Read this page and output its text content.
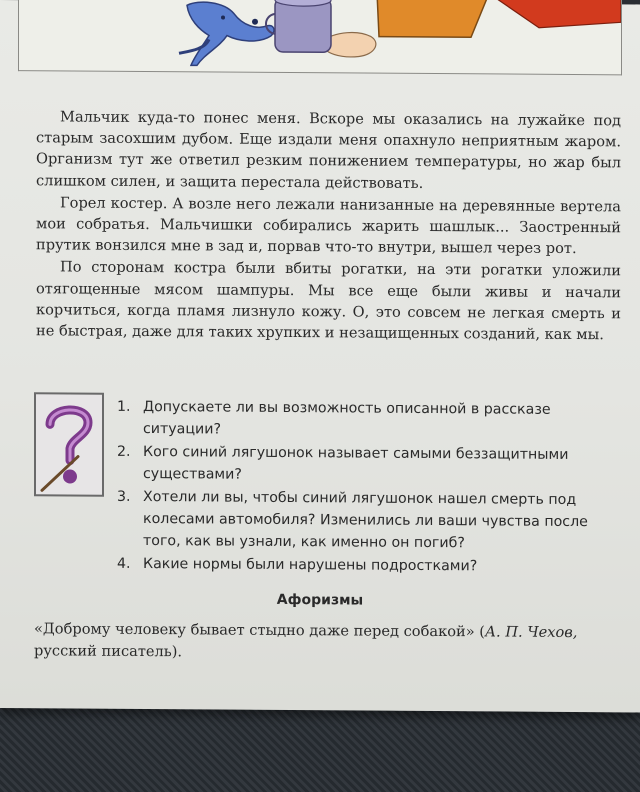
Мальчик куда-то понес меня. Вскоре мы оказались на лужайке под старым засохшим дубом. Еще издали меня опахнуло неприятным жаром. Организм тут же ответил резким понижением температуры, но жар был слишком силен, и защита перестала действовать.

Горел костер. А возле него лежали нанизанные на деревянные вертела мои собратья. Мальчишки собирались жарить шашлык... Заостренный прутик вонзился мне в зад и, порвав что-то внутри, вышел через рот.

По сторонам костра были вбиты рогатки, на эти рогатки уложили отягощенные мясом шампуры. Мы все еще были живы и начали корчиться, когда пламя лизнуло кожу. О, это совсем не легкая смерть и не быстрая, даже для таких хрупких и незащищенных созданий, как мы.

1. Допускаете ли вы возможность описанной в рассказе ситуации?

2. Кого синий лягушонок называет самыми беззащитными существами?

3. Хотели ли вы, чтобы синий лягушонок нашел смерть под колесами автомобиля? Изменились ли ваши чувства после того, как вы узнали, как именно он погиб?

4. Какие нормы были нарушены подростками?

Афоризмы
«Доброму человеку бывает стыдно даже перед собакой» (А. П. Чехов, русский писатель).
